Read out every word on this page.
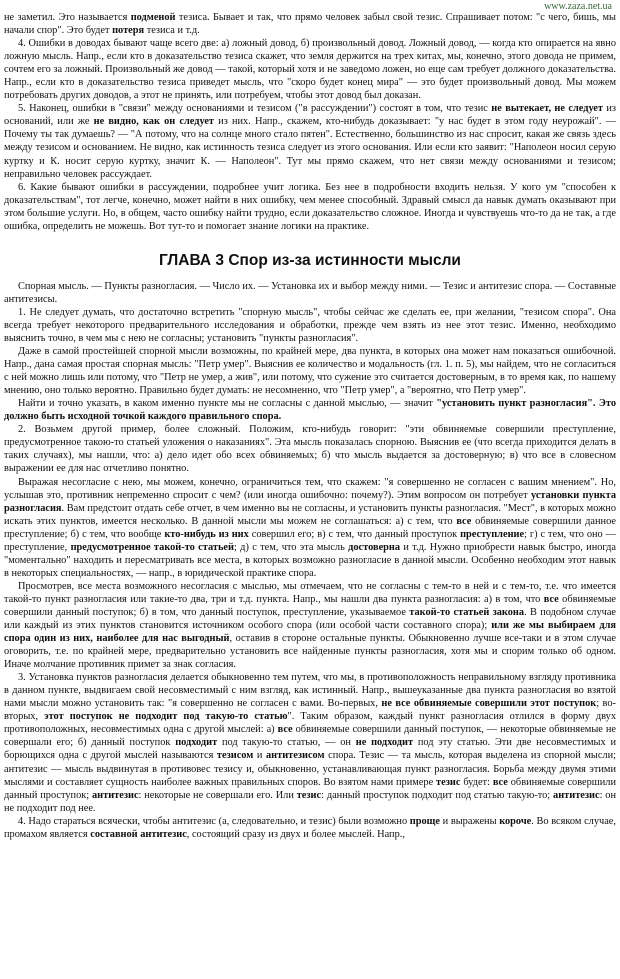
www.zaza.net.ua

не заметил. Это называется подменой тезиса. Бывает и так, что прямо человек забыл свой тезис. Спрашивает потом: "с чего, бишь, мы начали спор". Это будет потеря тезиса и т.д.

4. Ошибки в доводах бывают чаще всего две: а) ложный довод, б) произвольный довод. Ложный довод, — когда кто опирается на явно ложную мысль. Напр., если кто в доказательство тезиса скажет, что земля держится на трех китах, мы, конечно, этого довода не примем, сочтем его за ложный. Произвольный же довод — такой, который хотя и не заведомо ложен, но еще сам требует должного доказательства. Напр., если кто в доказательство тезиса приведет мысль, что "скоро будет конец мира" — это будет произвольный довод. Мы можем потребовать других доводов, а этот не принять, или потребуем, чтобы этот довод был доказан.

5. Наконец, ошибки в "связи" между основаниями и тезисом ("в рассуждении") состоят в том, что тезис не вытекает, не следует из оснований, или же не видно, как он следует из них. Напр., скажем, кто-нибудь доказывает: "у нас будет в этом году неурожай". — Почему ты так думаешь? — "А потому, что на солнце много стало пятен". Естественно, большинство из нас спросит, какая же связь здесь между тезисом и основанием. Не видно, как истинность тезиса следует из этого основания. Или если кто заявит: "Наполеон носил серую куртку и К. носит серую куртку, значит К. — Наполеон". Тут мы прямо скажем, что нет связи между основаниями и тезисом; неправильно человек рассуждает.

6. Какие бывают ошибки в рассуждении, подробнее учит логика. Без нее в подробности входить нельзя. У кого ум "способен к доказательствам", тот легче, конечно, может найти в них ошибку, чем менее способный. Здравый смысл да навык думать оказывают при этом большие услуги. Но, в общем, часто ошибку найти трудно, если доказательство сложное. Иногда и чувствуешь что-то да не так, а где ошибка, определить не можешь. Вот тут-то и помогает знание логики на практике.

ГЛАВА 3 Спор из-за истинности мысли

Спорная мысль. — Пункты разногласия. — Число их. — Установка их и выбор между ними. — Тезис и антитезис спора. — Составные антитезисы.

1. Не следует думать, что достаточно встретить "спорную мысль", чтобы сейчас же сделать ее, при желании, "тезисом спора". Она всегда требует некоторого предварительного исследования и обработки, прежде чем взять из нее этот тезис. Именно, необходимо выяснить точно, в чем мы с нею не согласны; установить "пункты разногласия".

Даже в самой простейшей спорной мысли возможны, по крайней мере, два пункта, в которых она может нам показаться ошибочной. Напр., дана самая простая спорная мысль: "Петр умер". Выяснив ее количество и модальность (гл. 1. п. 5), мы найдем, что не согласиться с ней можно лишь или потому, что "Петр не умер, а жив", или потому, что сужение это считается достоверным, в то время как, по нашему мнению, оно только вероятно. Правильно будет думать: не несомненно, что "Петр умер", а "вероятно, что Петр умер".

Найти и точно указать, в каком именно пункте мы не согласны с данной мыслью, — значит "установить пункт разногласия". Это должно быть исходной точкой каждого правильного спора.

2. Возьмем другой пример, более сложный. Положим, кто-нибудь говорит: "эти обвиняемые совершили преступление, предусмотренное такою-то статьей уложения о наказаниях". Эта мысль показалась спорною. Выяснив ее (что всегда приходится делать в таких случаях), мы нашли, что: а) дело идет обо всех обвиняемых; б) что мысль выдается за достоверную; в) что все в словесном выражении ее для нас отчетливо понятно.

Выражая несогласие с нею, мы можем, конечно, ограничиться тем, что скажем: "я совершенно не согласен с вашим мнением". Но, услышав это, противник непременно спросит с чем? (или иногда ошибочно: почему?). Этим вопросом он потребует установки пункта разногласия. Вам предстоит отдать себе отчет, в чем именно вы не согласны, и установить пункты разногласия. "Мест", в которых можно искать этих пунктов, имеется несколько. В данной мысли мы можем не соглашаться: а) с тем, что все обвиняемые совершили данное преступление; б) с тем, что вообще кто-нибудь из них совершил его; в) с тем, что данный проступок преступление; г) с тем, что оно — преступление, предусмотренное такой-то статьей; д) с тем, что эта мысль достоверна и т.д. Нужно приобрести навык быстро, иногда "моментально" находить и пересматривать все места, в которых возможно разногласие в данной мысли. Особенно необходим этот навык в некоторых специальностях, — напр., в юридической практике спора.

Просмотрев, все места возможного несогласия с мыслью, мы отмечаем, что не согласны с тем-то в ней и с тем-то, т.е. что имеется такой-то пункт разногласия или такие-то два, три и т.д. пункта. Напр., мы нашли два пункта разногласия: а) в том, что все обвиняемые совершили данный поступок; б) в том, что данный поступок, преступление, указываемое такой-то статьей закона. В подобном случае или каждый из этих пунктов становится источником особого спора (или особой части составного спора); или же мы выбираем для спора один из них, наиболее для нас выгодный, оставив в стороне остальные пункты. Обыкновенно лучше все-таки и в этом случае оговорить, т.е. по крайней мере, предварительно установить все найденные пункты разногласия, хотя мы и спорим только об одном. Иначе молчание противник примет за знак согласия.

3. Установка пунктов разногласия делается обыкновенно тем путем, что мы, в противоположность неправильному взгляду противника в данном пункте, выдвигаем свой несовместимый с ним взгляд, как истинный. Напр., вышеуказанные два пункта разногласия во взятой нами мысли можно установить так: "я совершенно не согласен с вами. Во-первых, не все обвиняемые совершили этот поступок; во-вторых, этот поступок не подходит под такую-то статью". Таким образом, каждый пункт разногласия отлился в форму двух противоположных, несовместимых одна с другой мыслей: а) все обвиняемые совершили данный поступок, — некоторые обвиняемые не совершали его; б) данный поступок подходит под такую-то статью, — он не подходит под эту статью. Эти две несовместимых и борющихся одна с другой мыслей называются тезисом и антитезисом спора. Тезис — та мысль, которая выделена из спорной мысли; антитезис — мысль выдвинутая в противовес тезису и, обыкновенно, устанавливающая пункт разногласия. Борьба между двумя этими мыслями и составляет сущность наиболее важных правильных споров. Во взятом нами примере тезис будет: все обвиняемые совершили данный проступок; антитезис: некоторые не совершали его. Или тезис: данный проступок подходит под статью такую-то; антитезис: он не подходит под нее.

4. Надо стараться всячески, чтобы антитезис (а, следовательно, и тезис) были возможно проще и выражены короче. Во всяком случае, промахом является составной антитезис, состоящий сразу из двух и более мыслей. Напр.,
